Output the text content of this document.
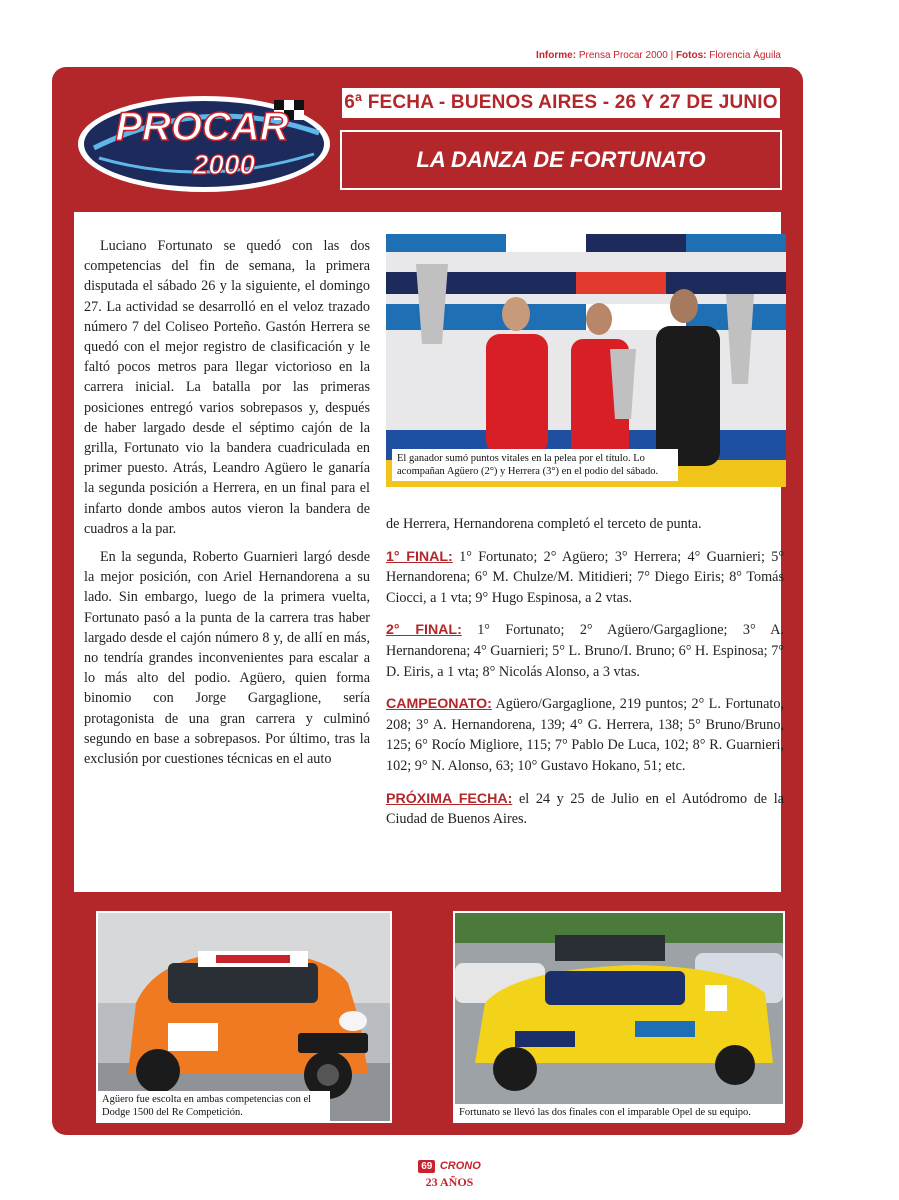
Informe: Prensa Procar 2000 | Fotos: Florencia Águila
PROCAR
2000
6ª FECHA - BUENOS AIRES - 26 Y 27 DE JUNIO
LA DANZA DE FORTUNATO

Luciano Fortunato se quedó con las dos competencias del fin de semana, la primera disputada el sábado 26 y la siguiente, el domingo 27. La actividad se desarrolló en el veloz trazado número 7 del Coliseo Porteño. Gastón Herrera se quedó con el mejor registro de clasificación y le faltó pocos metros para llegar victorioso en la carrera inicial. La batalla por las primeras posiciones entregó varios sobrepasos y, después de haber largado desde el séptimo cajón de la grilla, Fortunato vio la bandera cuadriculada en primer puesto. Atrás, Leandro Agüero le ganaría la segunda posición a Herrera, en un final para el infarto donde ambos autos vieron la bandera de cuadros a la par.

En la segunda, Roberto Guarnieri largó desde la mejor posición, con Ariel Hernandorena a su lado. Sin embargo, luego de la primera vuelta, Fortunato pasó a la punta de la carrera tras haber largado desde el cajón número 8 y, de allí en más, no tendría grandes inconvenientes para escalar a lo más alto del podio. Agüero, quien forma binomio con Jorge Gargaglione, sería protagonista de una gran carrera y culminó segundo en base a sobrepasos. Por último, tras la exclusión por cuestiones técnicas en el auto

El ganador sumó puntos vitales en la pelea por el título. Lo acompañan Agüero (2°) y Herrera (3°) en el podio del sábado.

de Herrera, Hernandorena completó el terceto de punta.

1° FINAL: 1° Fortunato; 2° Agüero; 3° Herrera; 4° Guarnieri; 5° Hernandorena; 6° M. Chulze/M. Mitidieri; 7° Diego Eiris; 8° Tomás Ciocci, a 1 vta; 9° Hugo Espinosa, a 2 vtas.

2° FINAL: 1° Fortunato; 2° Agüero/Gargaglione; 3° A. Hernandorena; 4° Guarnieri; 5° L. Bruno/I. Bruno; 6° H. Espinosa; 7° D. Eiris, a 1 vta; 8° Nicolás Alonso, a 3 vtas.

CAMPEONATO: Agüero/Gargaglione, 219 puntos; 2° L. Fortunato, 208; 3° A. Hernandorena, 139; 4° G. Herrera, 138; 5° Bruno/Bruno, 125; 6° Rocío Migliore, 115; 7° Pablo De Luca, 102; 8° R. Guarnieri, 102; 9° N. Alonso, 63; 10° Gustavo Hokano, 51; etc.

PRÓXIMA FECHA: el 24 y 25 de Julio en el Autódromo de la Ciudad de Buenos Aires.

Agüero fue escolta en ambas competencias con el Dodge 1500 del Re Competición.	Fortunato se llevó las dos finales con el imparable Opel de su equipo.
69 CRONO
23 AÑOS
